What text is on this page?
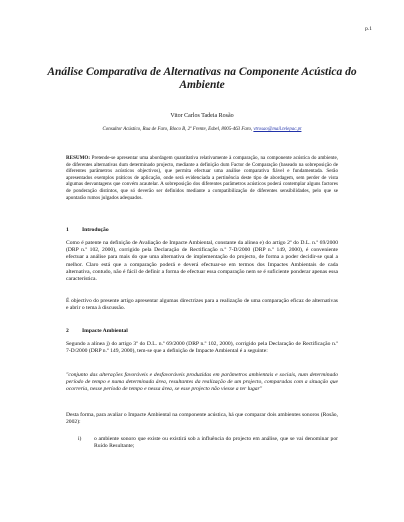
p.1
Análise Comparativa de Alternativas na Componente Acústica do Ambiente
Vitor Carlos Tadeia Rosão
Consultor Acústico, Rua de Faro, Bloco B, 2º Frente, Esbel, 8005-463 Faro, vtrosao@mail.telepac.pt
RESUMO: Pretende-se apresentar uma abordagem quantitativa relativamente à comparação, na componente acústica do ambiente, de diferentes alternativas dum determinado projecto, mediante a definição dum Factor de Comparação (baseado na sobreposição de diferentes parâmetros acústicos objectivos), que permita efectuar uma análise comparativa fiável e fundamentada. Serão apresentados exemplos práticos de aplicação, onde será evidenciada a pertinência deste tipo de abordagem, sem perder de vista algumas desvantagens que convém acautelar. A sobreposição dos diferentes parâmetros acústicos poderá contemplar alguns factores de ponderação distintos, que só deverão ser definidos mediante a compatibilização de diferentes sensibilidades, pelo que se apontarão rumos julgados adequados.
1 Introdução
Como é patente na definição de Avaliação de Impacte Ambiental, constante da alínea e) do artigo 2º do D.L. n.º 69/2000 (DRP n.º 102, 2000), corrigido pela Declaração de Rectificação n.º 7-D/2000 (DRP n.º 149, 2000), é conveniente efectuar a análise para mais do que uma alternativa de implementação do projecto, de forma a poder decidir-se qual a melhor. Claro está que a comparação poderá e deverá efectuar-se em termos dos Impactes Ambientais de cada alternativa, contudo, não é fácil de definir a forma de efectuar essa comparação nem se é suficiente ponderar apenas essa característica.
É objectivo do presente artigo apresentar algumas directrizes para a realização de uma comparação eficaz de alternativas e abrir o tema à discussão.
2 Impacte Ambiental
Segundo a alínea j) do artigo 3º do D.L. n.º 69/2000 (DRP n.º 102, 2000), corrigido pela Declaração de Rectificação n.º 7-D/2000 (DRP n.º 149, 2000), tem-se que a definição de Impacte Ambiental é a seguinte:
"conjunto das alterações favoráveis e desfavoráveis produzidas em parâmetros ambientais e sociais, num determinado período de tempo e numa determinada área, resultantes da realização de um projecto, comparadas com a situação que ocorreria, nesse período de tempo e nessa área, se esse projecto não viesse a ter lugar"
Desta forma, para avaliar o Impacte Ambiental na componente acústica, há que comparar dois ambientes sonoros (Rosão, 2002):
i) o ambiente sonoro que existe ou existirá sob a influência do projecto em análise, que se vai denominar por Ruído Resultante;
